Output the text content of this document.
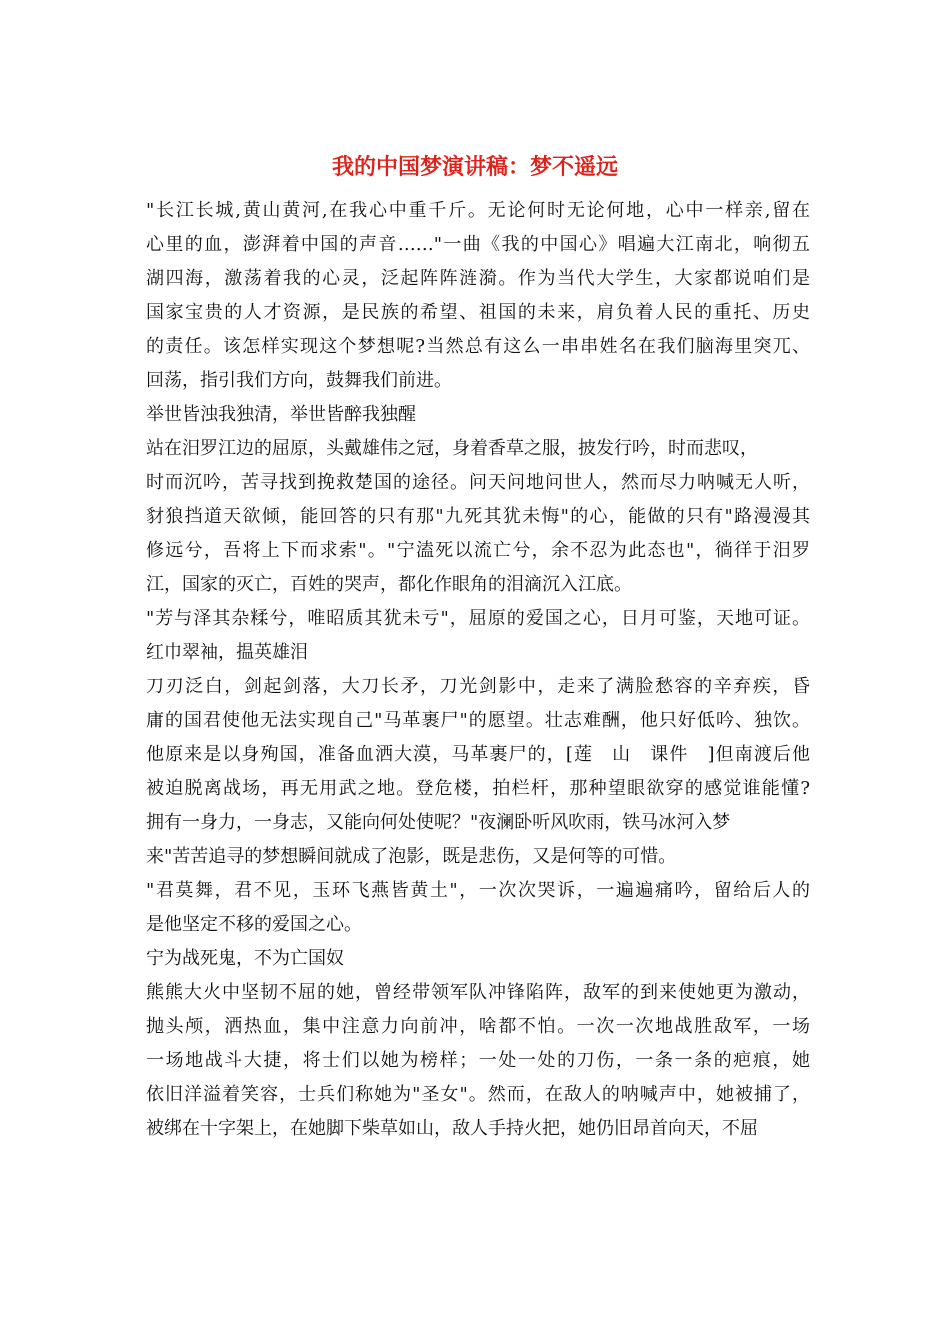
我的中国梦演讲稿：梦不遥远
"长江长城,黄山黄河,在我心中重千斤。无论何时无论何地，心中一样亲,留在
心里的血，澎湃着中国的声音……"一曲《我的中国心》唱遍大江南北，响彻五
湖四海，激荡着我的心灵，泛起阵阵涟漪。作为当代大学生，大家都说咱们是
国家宝贵的人才资源，是民族的希望、祖国的未来，肩负着人民的重托、历史
的责任。该怎样实现这个梦想呢?当然总有这么一串串姓名在我们脑海里突兀、
回荡，指引我们方向，鼓舞我们前进。
举世皆浊我独清，举世皆醉我独醒
站在汨罗江边的屈原，头戴雄伟之冠，身着香草之服，披发行吟，时而悲叹，
时而沉吟，苦寻找到挽救楚国的途径。问天问地问世人，然而尽力呐喊无人听，
豺狼挡道天欲倾，能回答的只有那"九死其犹未悔"的心，能做的只有"路漫漫其
修远兮，吾将上下而求索"。"宁溘死以流亡兮，余不忍为此态也"，徜徉于汨罗
江，国家的灭亡，百姓的哭声，都化作眼角的泪滴沉入江底。
"芳与泽其杂糅兮，唯昭质其犹未亏"，屈原的爱国之心，日月可鉴，天地可证。
红巾翠袖，揾英雄泪
刀刃泛白，剑起剑落，大刀长矛，刀光剑影中，走来了满脸愁容的辛弃疾，昏
庸的国君使他无法实现自己"马革裹尸"的愿望。壮志难酬，他只好低吟、独饮。
他原来是以身殉国，准备血洒大漠，马革裹尸的，[莲　山　课件　]但南渡后他
被迫脱离战场，再无用武之地。登危楼，拍栏杆，那种望眼欲穿的感觉谁能懂?
拥有一身力，一身志，又能向何处使呢？"夜澜卧听风吹雨，铁马冰河入梦
来"苦苦追寻的梦想瞬间就成了泡影，既是悲伤，又是何等的可惜。
"君莫舞，君不见，玉环飞燕皆黄土"，一次次哭诉，一遍遍痛吟，留给后人的
是他坚定不移的爱国之心。
宁为战死鬼，不为亡国奴
熊熊大火中坚韧不屈的她，曾经带领军队冲锋陷阵，敌军的到来使她更为激动，
抛头颅，洒热血，集中注意力向前冲，啥都不怕。一次一次地战胜敌军，一场
一场地战斗大捷，将士们以她为榜样；一处一处的刀伤，一条一条的疤痕，她
依旧洋溢着笑容，士兵们称她为"圣女"。然而，在敌人的呐喊声中，她被捕了，
被绑在十字架上，在她脚下柴草如山，敌人手持火把，她仍旧昂首向天，不屈
